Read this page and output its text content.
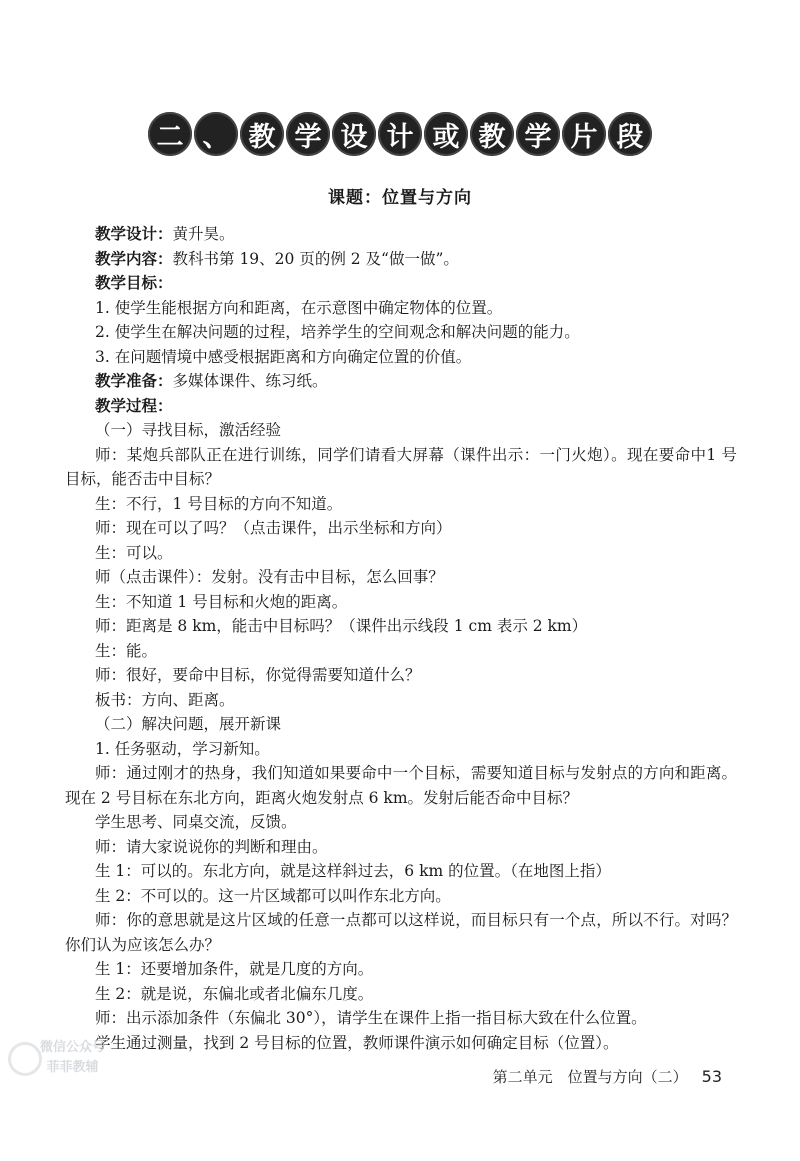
二 、 教 学 设 计 或 教 学 片 段
课题：位置与方向

教学设计：黄升昊。

教学内容：教科书第 19、20 页的例 2 及“做一做”。

教学目标：

1. 使学生能根据方向和距离，在示意图中确定物体的位置。

2. 使学生在解决问题的过程，培养学生的空间观念和解决问题的能力。

3. 在问题情境中感受根据距离和方向确定位置的价值。

教学准备：多媒体课件、练习纸。

教学过程：

（一）寻找目标，激活经验

师：某炮兵部队正在进行训练，同学们请看大屏幕（课件出示：一门火炮）。现在要命中1 号目标，能否击中目标？

生：不行，1 号目标的方向不知道。

师：现在可以了吗？（点击课件，出示坐标和方向）

生：可以。

师（点击课件）：发射。没有击中目标，怎么回事？

生：不知道 1 号目标和火炮的距离。

师：距离是 8 km，能击中目标吗？（课件出示线段 1 cm 表示 2 km）

生：能。

师：很好，要命中目标，你觉得需要知道什么？

板书：方向、距离。

（二）解决问题，展开新课

1. 任务驱动，学习新知。

师：通过刚才的热身，我们知道如果要命中一个目标，需要知道目标与发射点的方向和距离。现在 2 号目标在东北方向，距离火炮发射点 6 km。发射后能否命中目标？

学生思考、同桌交流，反馈。

师：请大家说说你的判断和理由。

生 1：可以的。东北方向，就是这样斜过去，6 km 的位置。（在地图上指）

生 2：不可以的。这一片区域都可以叫作东北方向。

师：你的意思就是这片区域的任意一点都可以这样说，而目标只有一个点，所以不行。对吗？你们认为应该怎么办？

生 1：还要增加条件，就是几度的方向。

生 2：就是说，东偏北或者北偏东几度。

师：出示添加条件（东偏北 30°），请学生在课件上指一指目标大致在什么位置。

学生通过测量，找到 2 号目标的位置，教师课件演示如何确定目标（位置）。

微信公众号
菲菲教辅
第二单元　位置与方向（二） 53
